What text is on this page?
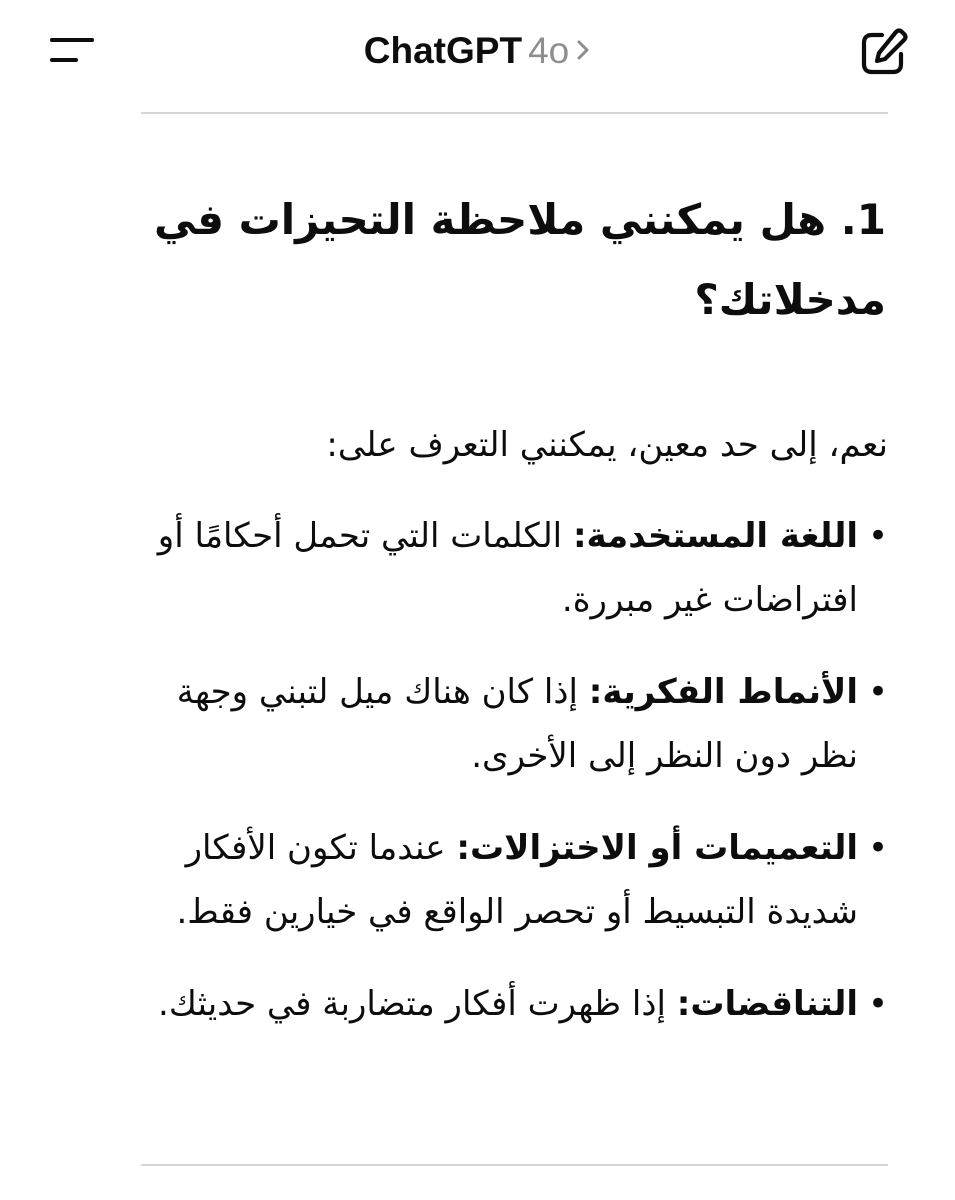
ChatGPT 4o
1. هل يمكنني ملاحظة التحيزات في مدخلاتك؟

نعم، إلى حد معين، يمكنني التعرف على:

•
اللغة المستخدمة: الكلمات التي تحمل أحكامًا أو افتراضات غير مبررة.
•
الأنماط الفكرية: إذا كان هناك ميل لتبني وجهة نظر دون النظر إلى الأخرى.
•
التعميمات أو الاختزالات: عندما تكون الأفكار شديدة التبسيط أو تحصر الواقع في خيارين فقط.
•
التناقضات: إذا ظهرت أفكار متضاربة في حديثك.
